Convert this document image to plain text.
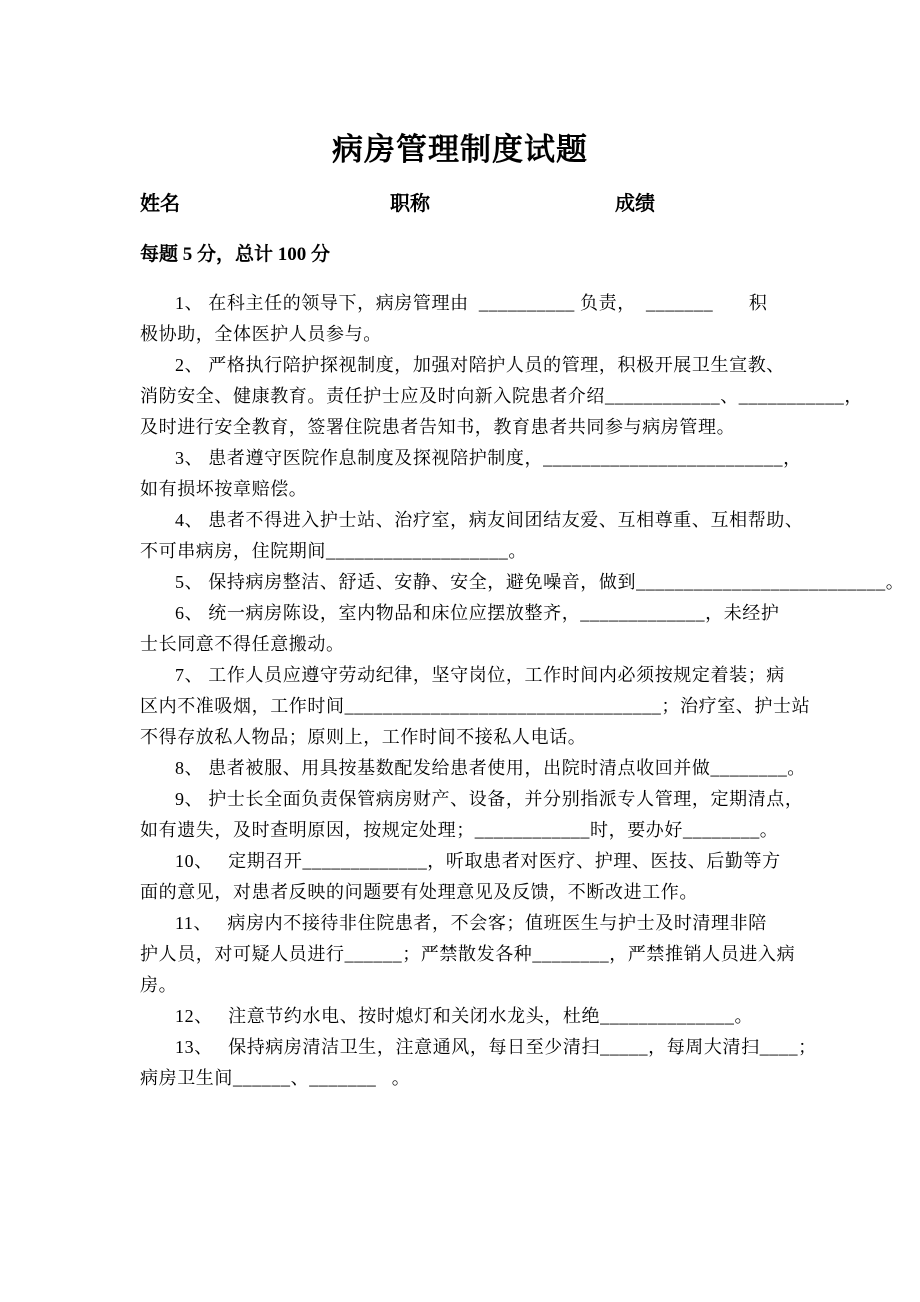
病房管理制度试题
姓名	职称	成绩
每题 5 分，总计 100 分
1、 在科主任的领导下，病房管理由  __________ 负责，  _______       积
极协助，全体医护人员参与。
2、 严格执行陪护探视制度，加强对陪护人员的管理，积极开展卫生宣教、
消防安全、健康教育。责任护士应及时向新入院患者介绍____________、___________，
及时进行安全教育，签署住院患者告知书，教育患者共同参与病房管理。
3、 患者遵守医院作息制度及探视陪护制度，_________________________，
如有损坏按章赔偿。
4、 患者不得进入护士站、治疗室，病友间团结友爱、互相尊重、互相帮助、
不可串病房，住院期间___________________。
5、 保持病房整洁、舒适、安静、安全，避免噪音，做到__________________________。
6、 统一病房陈设，室内物品和床位应摆放整齐，_____________，未经护
士长同意不得任意搬动。
7、 工作人员应遵守劳动纪律，坚守岗位，工作时间内必须按规定着装；病
区内不准吸烟，工作时间_________________________________；治疗室、护士站
不得存放私人物品；原则上，工作时间不接私人电话。
8、 患者被服、用具按基数配发给患者使用，出院时清点收回并做________。
9、 护士长全面负责保管病房财产、设备，并分别指派专人管理，定期清点，
如有遗失，及时查明原因，按规定处理；____________时，要办好________。
10、   定期召开_____________，听取患者对医疗、护理、医技、后勤等方
面的意见，对患者反映的问题要有处理意见及反馈，不断改进工作。
11、   病房内不接待非住院患者，不会客；值班医生与护士及时清理非陪
护人员，对可疑人员进行______；严禁散发各种________，严禁推销人员进入病
房。
12、   注意节约水电、按时熄灯和关闭水龙头，杜绝______________。
13、   保持病房清洁卫生，注意通风，每日至少清扫_____，每周大清扫____；
病房卫生间______、_______   。
